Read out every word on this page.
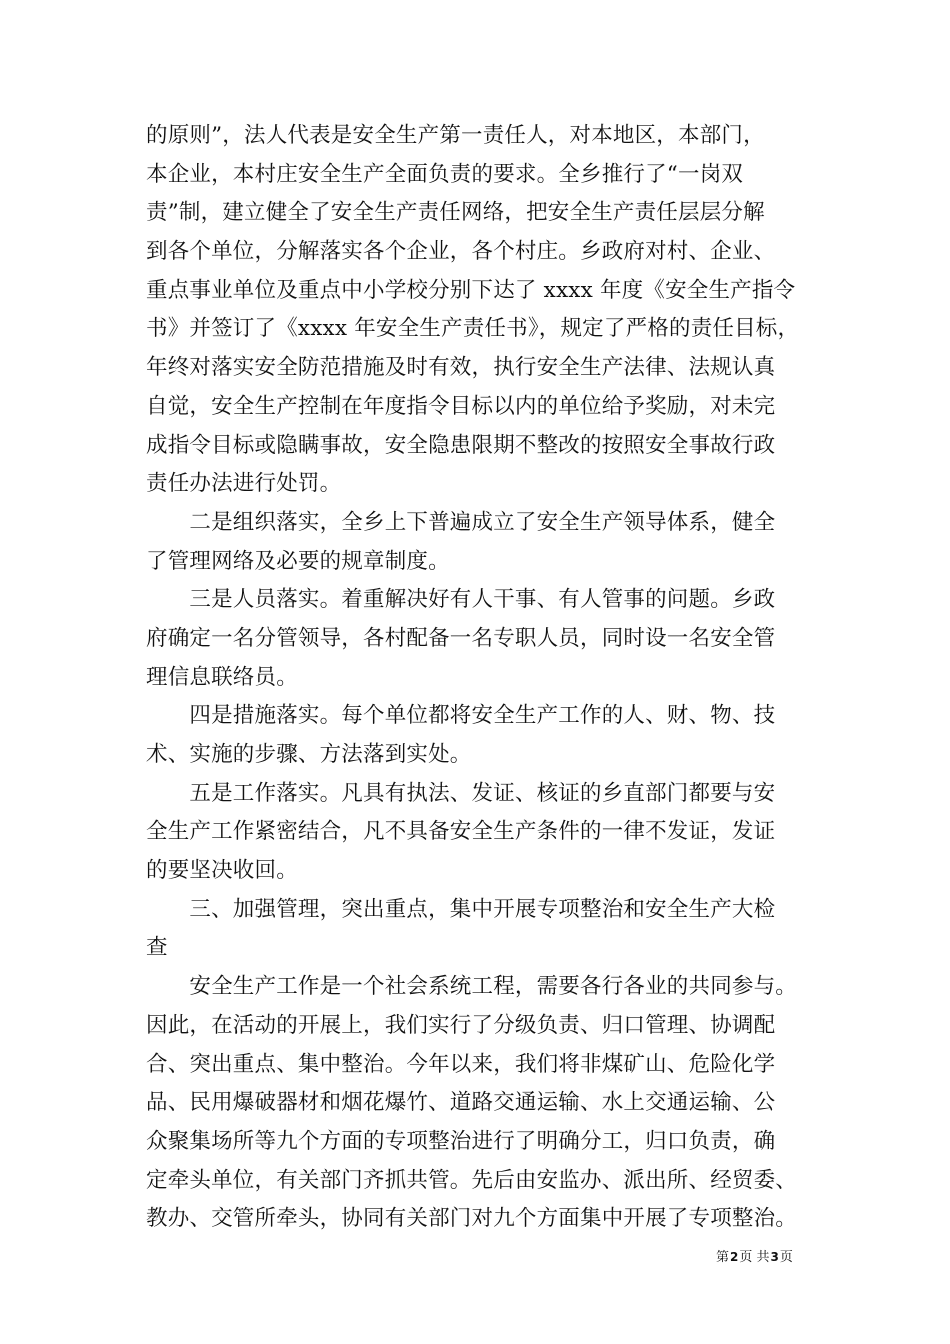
的原则”，法人代表是安全生产第一责任人，对本地区，本部门，
本企业，本村庄安全生产全面负责的要求。全乡推行了“一岗双
责”制，建立健全了安全生产责任网络，把安全生产责任层层分解
到各个单位，分解落实各个企业，各个村庄。乡政府对村、企业、
重点事业单位及重点中小学校分别下达了 xxxx 年度《安全生产指令
书》并签订了《xxxx 年安全生产责任书》，规定了严格的责任目标，
年终对落实安全防范措施及时有效，执行安全生产法律、法规认真
自觉，安全生产控制在年度指令目标以内的单位给予奖励，对未完
成指令目标或隐瞒事故，安全隐患限期不整改的按照安全事故行政
责任办法进行处罚。
　　二是组织落实，全乡上下普遍成立了安全生产领导体系，健全
了管理网络及必要的规章制度。
　　三是人员落实。着重解决好有人干事、有人管事的问题。乡政
府确定一名分管领导，各村配备一名专职人员，同时设一名安全管
理信息联络员。
　　四是措施落实。每个单位都将安全生产工作的人、财、物、技
术、实施的步骤、方法落到实处。
　　五是工作落实。凡具有执法、发证、核证的乡直部门都要与安
全生产工作紧密结合，凡不具备安全生产条件的一律不发证，发证
的要坚决收回。
　　三、加强管理，突出重点，集中开展专项整治和安全生产大检
查
　　安全生产工作是一个社会系统工程，需要各行各业的共同参与。
因此，在活动的开展上，我们实行了分级负责、归口管理、协调配
合、突出重点、集中整治。今年以来，我们将非煤矿山、危险化学
品、民用爆破器材和烟花爆竹、道路交通运输、水上交通运输、公
众聚集场所等九个方面的专项整治进行了明确分工，归口负责，确
定牵头单位，有关部门齐抓共管。先后由安监办、派出所、经贸委、
教办、交管所牵头，协同有关部门对九个方面集中开展了专项整治。
第2页 共3页
